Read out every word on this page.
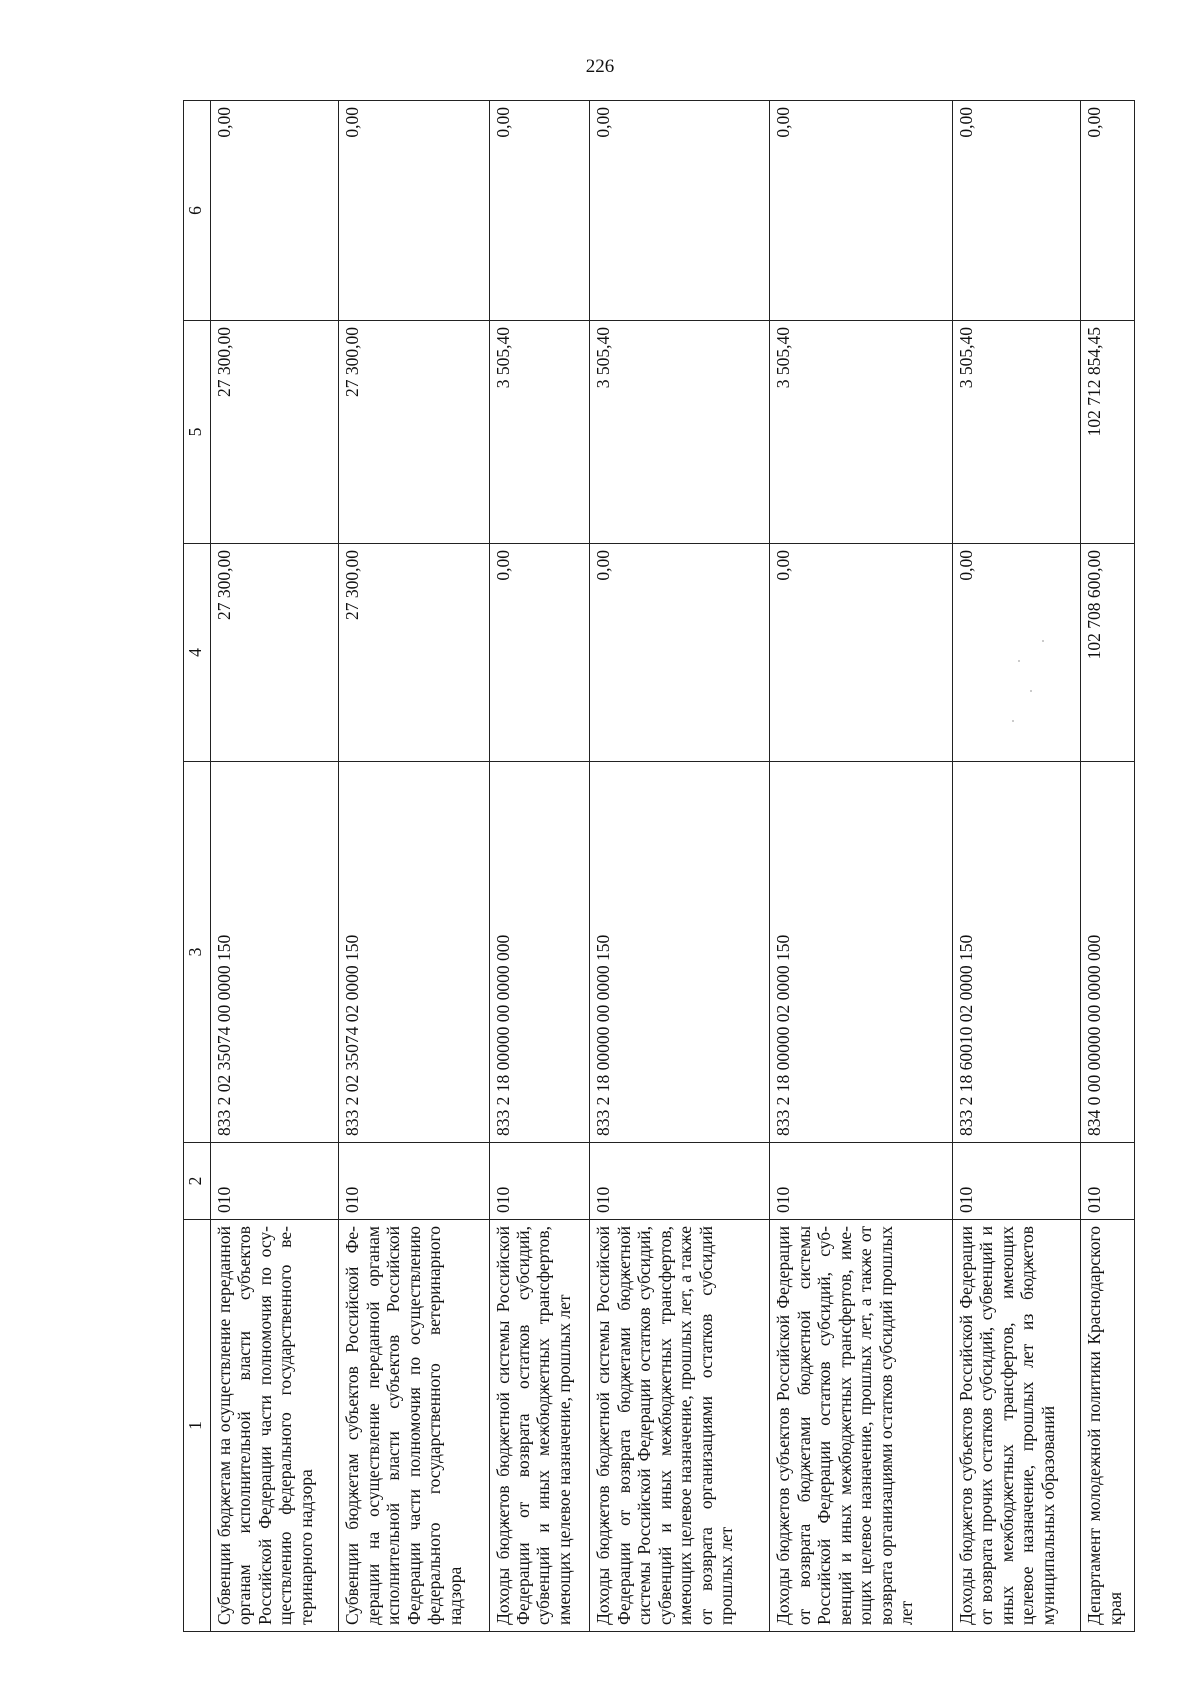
226
1	2	3	4	5	6
Субвенции бюджетам на осуществление переданной органам исполнительной власти субъектов Российской Федерации части полномочия по осуществлению федерального государственного ветеринарного надзора	010	833 2 02 35074 00 0000 150	27 300,00	27 300,00	0,00
Субвенции бюджетам субъектов Российской Федерации на осуществление переданной органам исполнительной власти субъектов Российской Федерации части полномочия по осуществлению федерального государственного ветеринарного надзора	010	833 2 02 35074 02 0000 150	27 300,00	27 300,00	0,00
Доходы бюджетов бюджетной системы Российской Федерации от возврата остатков субсидий, субвенций и иных межбюджетных трансфертов, имеющих целевое назначение, прошлых лет	010	833 2 18 00000 00 0000 000	0,00	3 505,40	0,00
Доходы бюджетов бюджетной системы Российской Федерации от возврата бюджетами бюджетной системы Российской Федерации остатков субсидий, субвенций и иных межбюджетных трансфертов, имеющих целевое назначение, прошлых лет, а также от возврата организациями остатков субсидий прошлых лет	010	833 2 18 00000 00 0000 150	0,00	3 505,40	0,00
Доходы бюджетов субъектов Российской Федерации от возврата бюджетами бюджетной системы Российской Федерации остатков субсидий, субвенций и иных межбюджетных трансфертов, имеющих целевое назначение, прошлых лет, а также от возврата организациями остатков субсидий прошлых лет	010	833 2 18 00000 02 0000 150	0,00	3 505,40	0,00
Доходы бюджетов субъектов Российской Федерации от возврата прочих остатков субсидий, субвенций и иных межбюджетных трансфертов, имеющих целевое назначение, прошлых лет из бюджетов муниципальных образований	010	833 2 18 60010 02 0000 150	0,00	3 505,40	0,00
Департамент молодежной политики Краснодарского края	010	834 0 00 00000 00 0000 000	102 708 600,00	102 712 854,45	0,00
